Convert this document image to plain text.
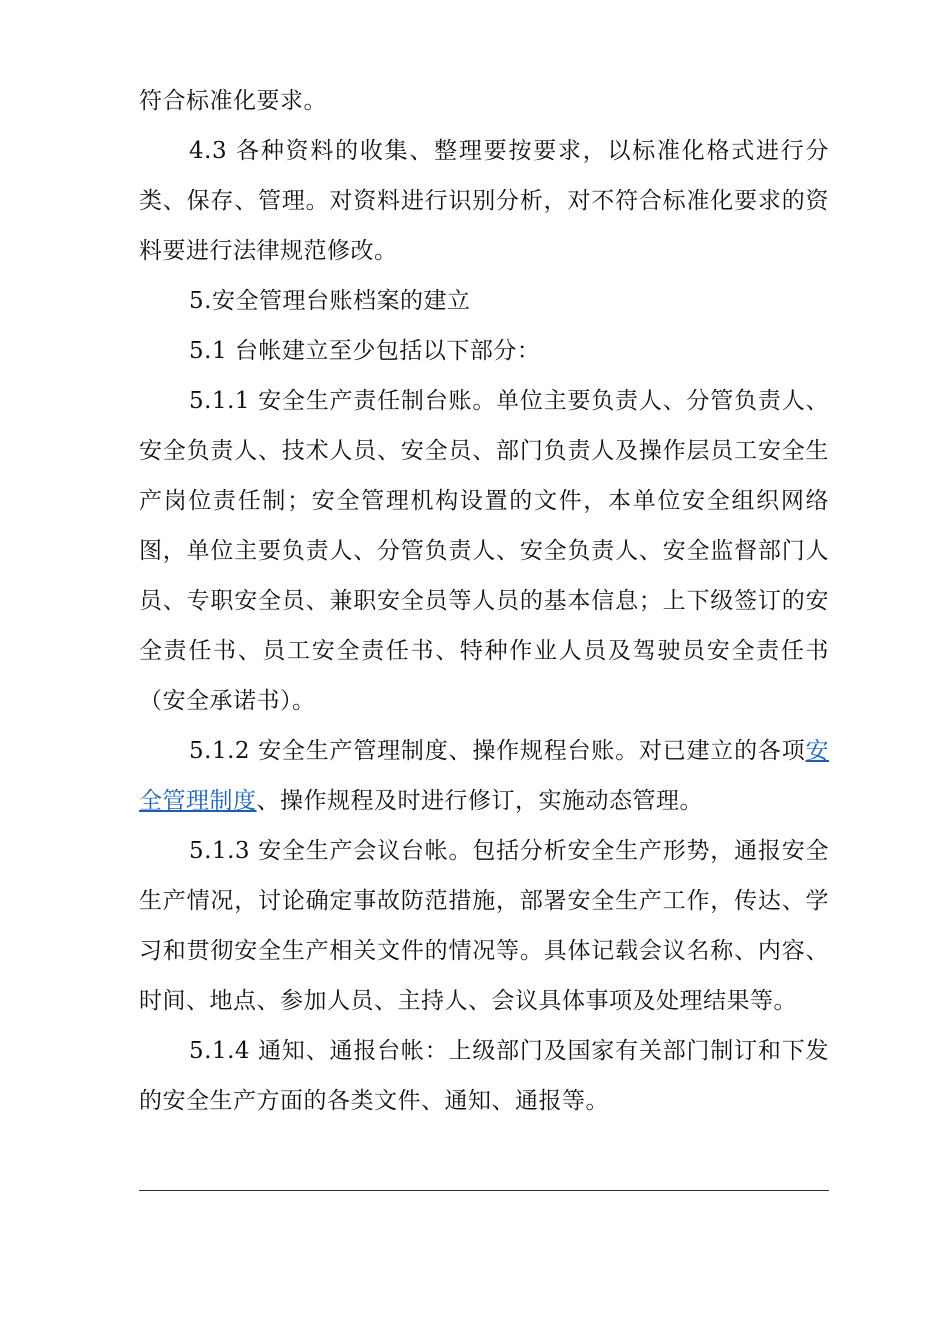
符合标准化要求。

4.3 各种资料的收集、整理要按要求，以标准化格式进行分类、保存、管理。对资料进行识别分析，对不符合标准化要求的资料要进行法律规范修改。

5.安全管理台账档案的建立

5.1 台帐建立至少包括以下部分：

5.1.1 安全生产责任制台账。单位主要负责人、分管负责人、安全负责人、技术人员、安全员、部门负责人及操作层员工安全生产岗位责任制；安全管理机构设置的文件，本单位安全组织网络图，单位主要负责人、分管负责人、安全负责人、安全监督部门人员、专职安全员、兼职安全员等人员的基本信息；上下级签订的安全责任书、员工安全责任书、特种作业人员及驾驶员安全责任书（安全承诺书）。

5.1.2 安全生产管理制度、操作规程台账。对已建立的各项安全管理制度、操作规程及时进行修订，实施动态管理。

5.1.3 安全生产会议台帐。包括分析安全生产形势，通报安全生产情况，讨论确定事故防范措施，部署安全生产工作，传达、学习和贯彻安全生产相关文件的情况等。具体记载会议名称、内容、时间、地点、参加人员、主持人、会议具体事项及处理结果等。

5.1.4 通知、通报台帐：上级部门及国家有关部门制订和下发的安全生产方面的各类文件、通知、通报等。
